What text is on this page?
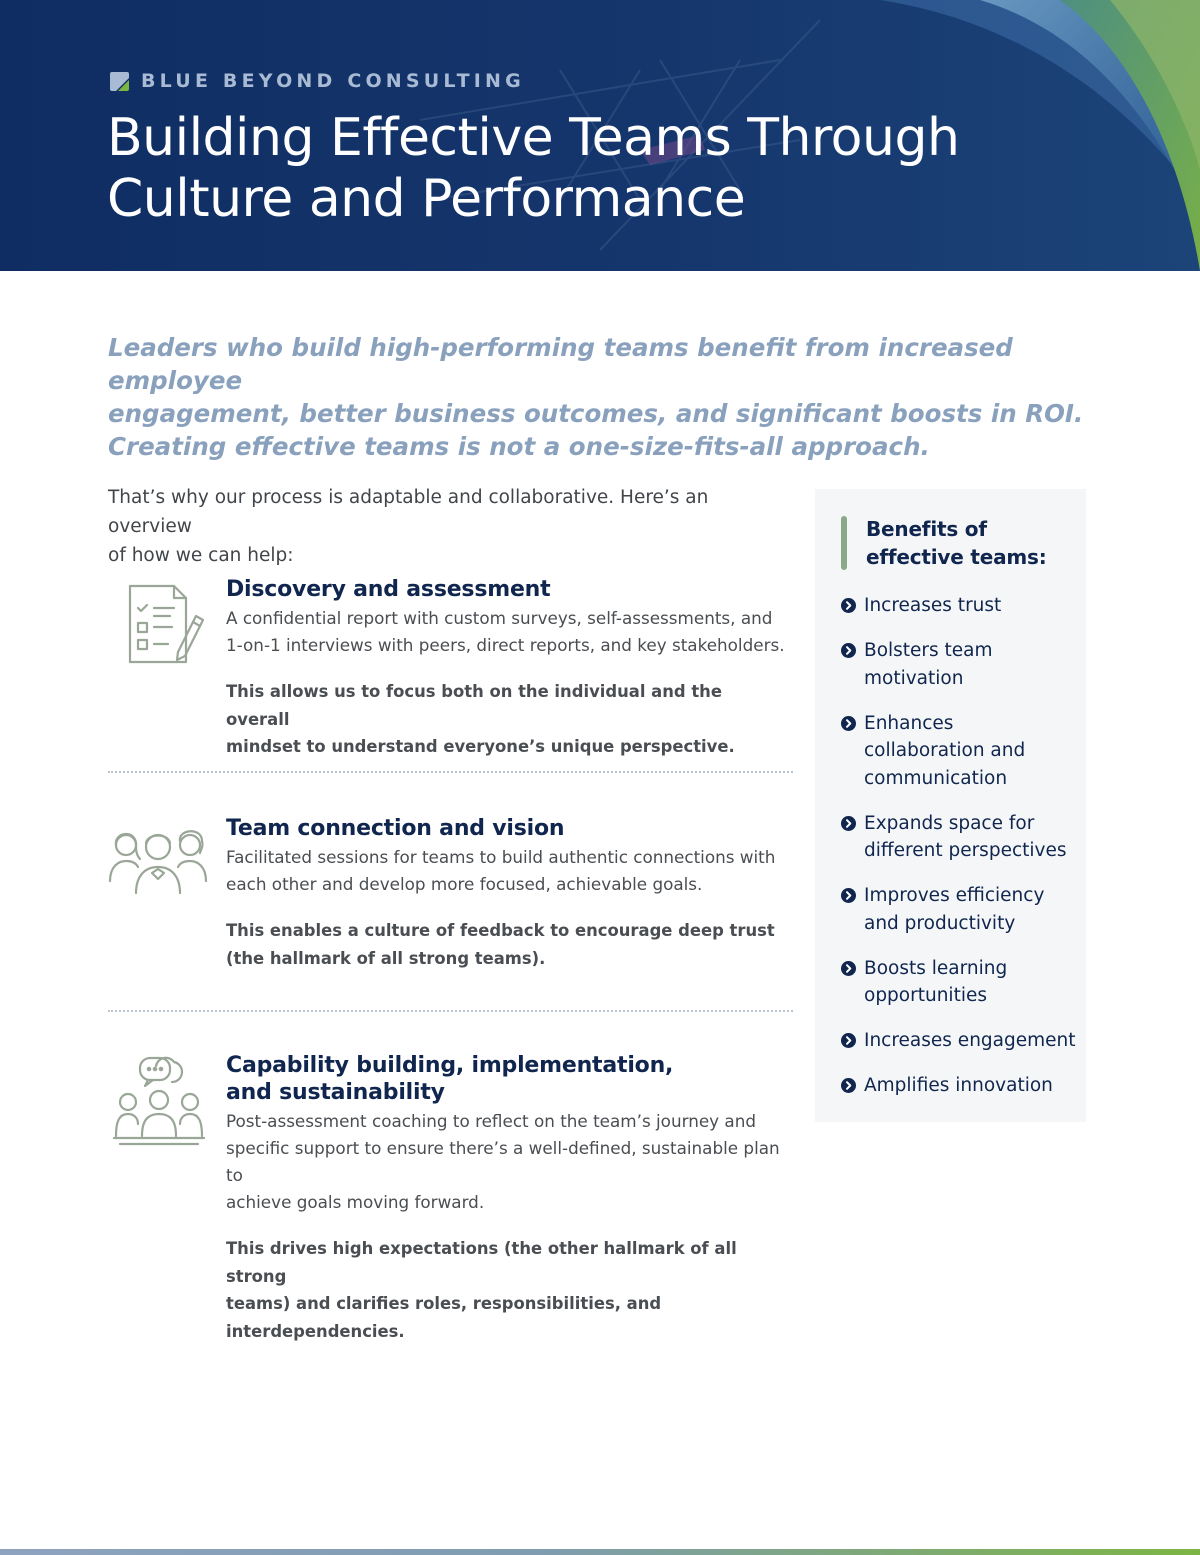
BLUE BEYOND CONSULTING
Building Effective Teams Through
Culture and Performance

Leaders who build high-performing teams benefit from increased employee
engagement, better business outcomes, and significant boosts in ROI.
Creating effective teams is not a one-size-fits-all approach.

That’s why our process is adaptable and collaborative. Here’s an overview
of how we can help:

Discovery and assessment

A confidential report with custom surveys, self-assessments, and
1-on-1 interviews with peers, direct reports, and key stakeholders.

This allows us to focus both on the individual and the overall
mindset to understand everyone’s unique perspective.

Team connection and vision

Facilitated sessions for teams to build authentic connections with
each other and develop more focused, achievable goals.

This enables a culture of feedback to encourage deep trust
(the hallmark of all strong teams).

Capability building, implementation,
and sustainability

Post-assessment coaching to reflect on the team’s journey and
specific support to ensure there’s a well-defined, sustainable plan to
achieve goals moving forward.

This drives high expectations (the other hallmark of all strong
teams) and clarifies roles, responsibilities, and interdependencies.

Benefits of
effective teams:
Increases trust
Bolsters team
motivation
Enhances
collaboration and
communication
Expands space for
different perspectives
Improves efficiency
and productivity
Boosts learning
opportunities
Increases engagement
Amplifies innovation
